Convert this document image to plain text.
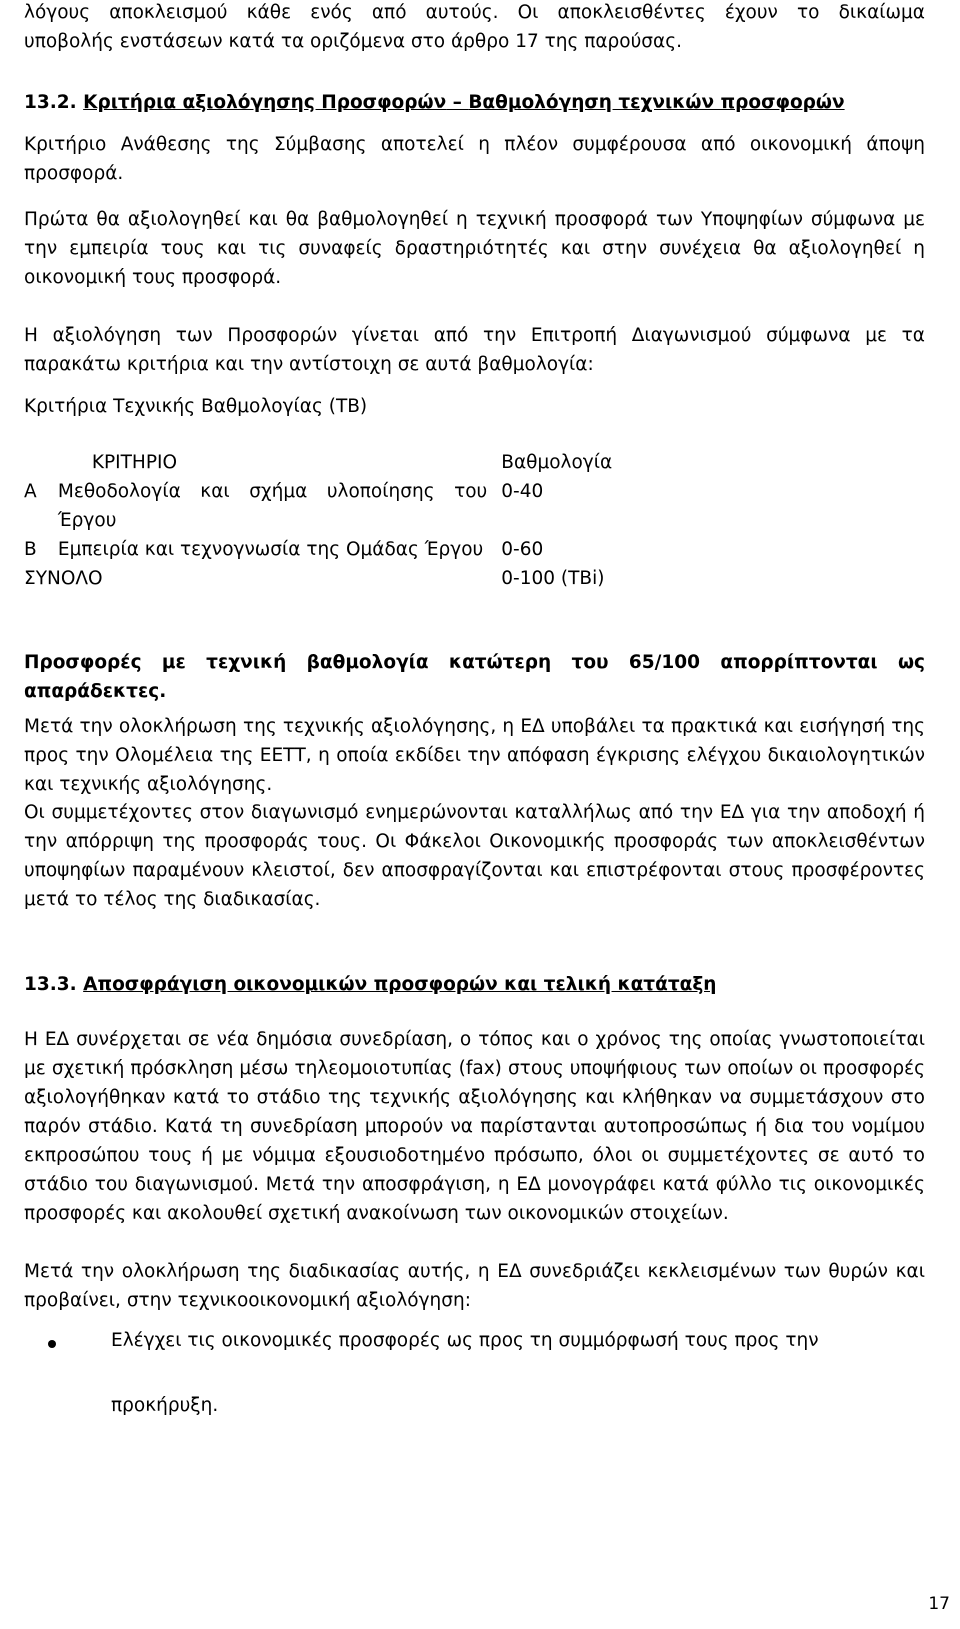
λόγους αποκλεισμού κάθε ενός από αυτούς. Οι αποκλεισθέντες έχουν το δικαίωμα

υποβολής ενστάσεων κατά τα οριζόμενα στο άρθρο 17 της παρούσας.

13.2. Κριτήρια αξιολόγησης Προσφορών – Βαθμολόγηση τεχνικών προσφορών

Κριτήριο Ανάθεσης της Σύμβασης αποτελεί η πλέον συμφέρουσα από οικονομική άποψη προσφορά.

Πρώτα θα αξιολογηθεί και θα βαθμολογηθεί η τεχνική προσφορά των Υποψηφίων σύμφωνα με την εμπειρία τους και τις συναφείς δραστηριότητές και στην συνέχεια θα αξιολογηθεί η οικονομική τους προσφορά.

Η αξιολόγηση των Προσφορών γίνεται από την Επιτροπή Διαγωνισμού σύμφωνα με τα παρακάτω κριτήρια και την αντίστοιχη σε αυτά βαθμολογία:

Κριτήρια Τεχνικής Βαθμολογίας (ΤΒ)

	ΚΡΙΤΗΡΙΟ	Βαθμολογία
Α	Μεθοδολογία και σχήμα υλοποίησης του Έργου	0-40
Β	Εμπειρία και τεχνογνωσία της Ομάδας Έργου	0-60
ΣΥΝΟΛΟ		0-100 (ΤΒi)

Προσφορές με τεχνική βαθμολογία κατώτερη του 65/100 απορρίπτονται ως απαράδεκτες.

Μετά την ολοκλήρωση της τεχνικής αξιολόγησης, η ΕΔ υποβάλει τα πρακτικά και εισήγησή της προς την Ολομέλεια της ΕΕΤΤ, η οποία εκδίδει την απόφαση έγκρισης ελέγχου δικαιολογητικών και τεχνικής αξιολόγησης.

Οι συμμετέχοντες στον διαγωνισμό ενημερώνονται καταλλήλως από την ΕΔ για την αποδοχή ή την απόρριψη της προσφοράς τους. Οι Φάκελοι Οικονομικής προσφοράς των αποκλεισθέντων υποψηφίων παραμένουν κλειστοί, δεν αποσφραγίζονται και επιστρέφονται στους προσφέροντες μετά το τέλος της διαδικασίας.

13.3. Αποσφράγιση οικονομικών προσφορών και τελική κατάταξη

Η ΕΔ συνέρχεται σε νέα δημόσια συνεδρίαση, ο τόπος και ο χρόνος της οποίας γνωστοποιείται με σχετική πρόσκληση μέσω τηλεομοιοτυπίας (fax) στους υποψήφιους των οποίων οι προσφορές αξιολογήθηκαν κατά το στάδιο της τεχνικής αξιολόγησης και κλήθηκαν να συμμετάσχουν στο παρόν στάδιο. Κατά τη συνεδρίαση μπορούν να παρίστανται αυτοπροσώπως ή δια του νομίμου εκπροσώπου τους ή με νόμιμα εξουσιοδοτημένο πρόσωπο, όλοι οι συμμετέχοντες σε αυτό το στάδιο του διαγωνισμού. Μετά την αποσφράγιση, η ΕΔ μονογράφει κατά φύλλο τις οικονομικές προσφορές και ακολουθεί σχετική ανακοίνωση των οικονομικών στοιχείων.

Μετά την ολοκλήρωση της διαδικασίας αυτής, η ΕΔ συνεδριάζει κεκλεισμένων των θυρών και προβαίνει, στην τεχνικοοικονομική αξιολόγηση:

Ελέγχει τις οικονομικές προσφορές ως προς τη συμμόρφωσή τους προς την

προκήρυξη.

17
